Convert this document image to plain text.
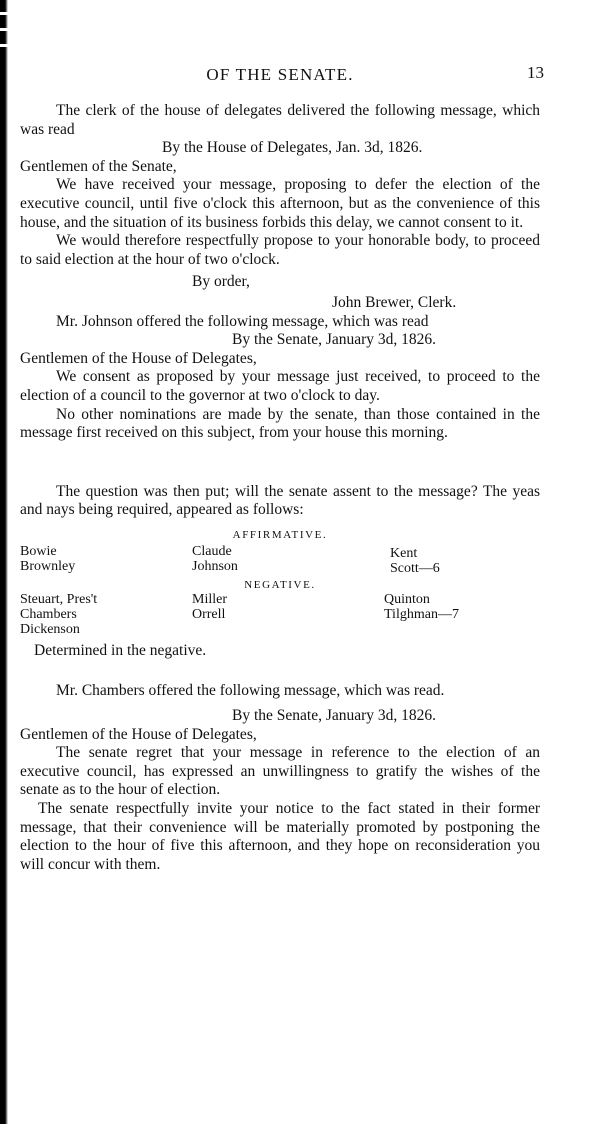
OF THE SENATE.	13

The clerk of the house of delegates delivered the following message, which was read

By the House of Delegates, Jan. 3d, 1826.

Gentlemen of the Senate,

We have received your message, proposing to defer the election of the executive council, until five o'clock this afternoon, but as the convenience of this house, and the situation of its business forbids this delay, we cannot consent to it.

We would therefore respectfully propose to your honorable body, to proceed to said election at the hour of two o'clock.

By order,

John Brewer, Clerk.

Mr. Johnson offered the following message, which was read

By the Senate, January 3d, 1826.

Gentlemen of the House of Delegates,

We consent as proposed by your message just received, to proceed to the election of a council to the governor at two o'clock to day.

No other nominations are made by the senate, than those contained in the message first received on this subject, from your house this morning.

The question was then put; will the senate assent to the message? The yeas and nays being required, appeared as follows:

AFFIRMATIVE.
Bowie
Brownley
Claude
Johnson
Kent
Scott—6
NEGATIVE.
Steuart, Pres't
Chambers
Dickenson
Miller
Orrell
Quinton
Tilghman—7

Determined in the negative.

Mr. Chambers offered the following message, which was read.

By the Senate, January 3d, 1826.

Gentlemen of the House of Delegates,

The senate regret that your message in reference to the election of an executive council, has expressed an unwillingness to gratify the wishes of the senate as to the hour of election.

The senate respectfully invite your notice to the fact stated in their former message, that their convenience will be materially promoted by postponing the election to the hour of five this afternoon, and they hope on reconsideration you will concur with them.
